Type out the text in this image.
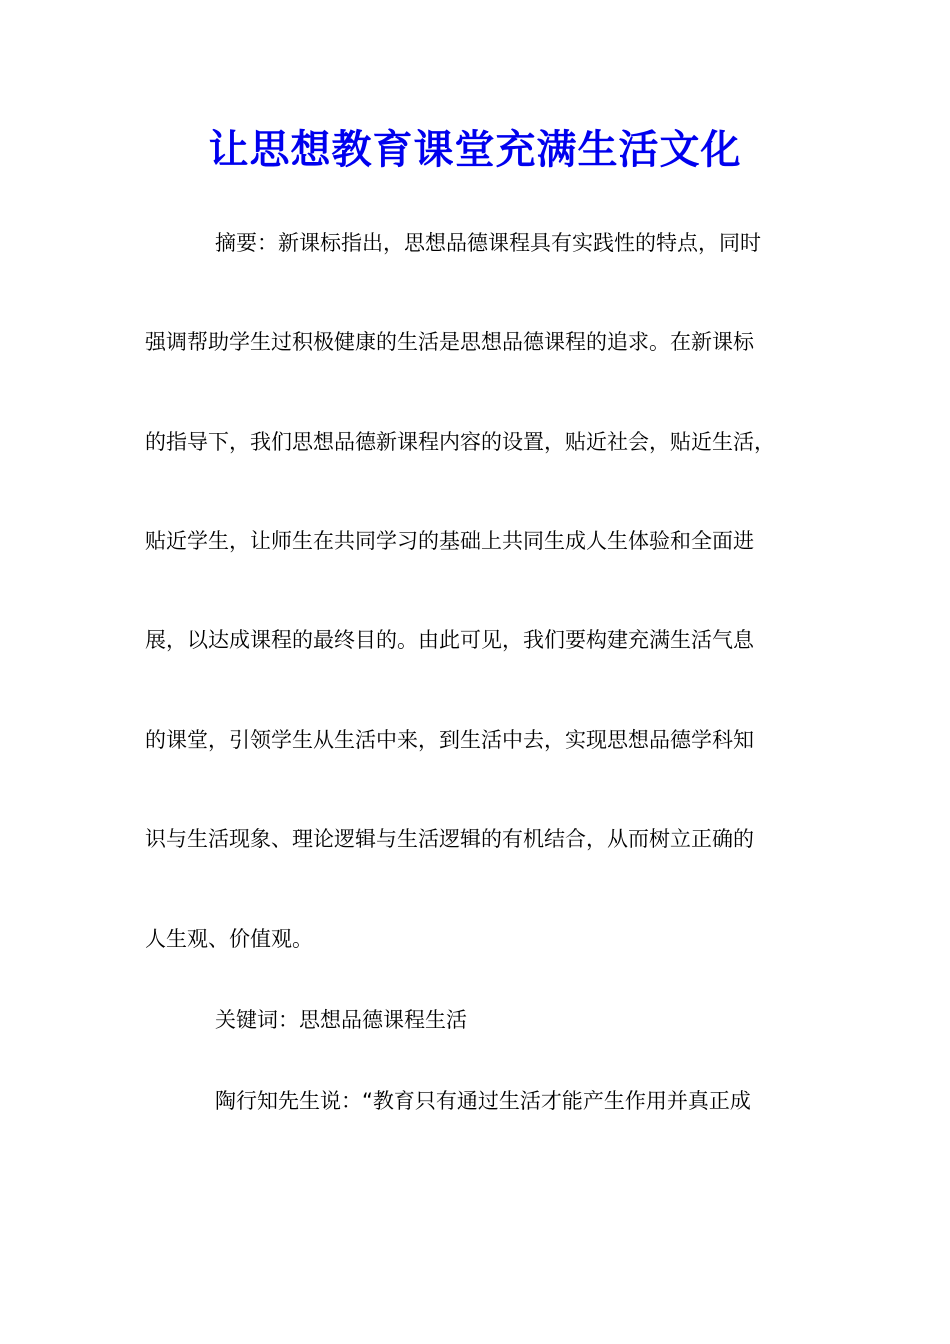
让思想教育课堂充满生活文化

摘要：新课标指出，思想品德课程具有实践性的特点，同时

强调帮助学生过积极健康的生活是思想品德课程的追求。在新课标

的指导下，我们思想品德新课程内容的设置，贴近社会，贴近生活，

贴近学生，让师生在共同学习的基础上共同生成人生体验和全面进

展，以达成课程的最终目的。由此可见，我们要构建充满生活气息

的课堂，引领学生从生活中来，到生活中去，实现思想品德学科知

识与生活现象、理论逻辑与生活逻辑的有机结合，从而树立正确的

人生观、价值观。

关键词：思想品德课程生活

陶行知先生说：“教育只有通过生活才能产生作用并真正成
